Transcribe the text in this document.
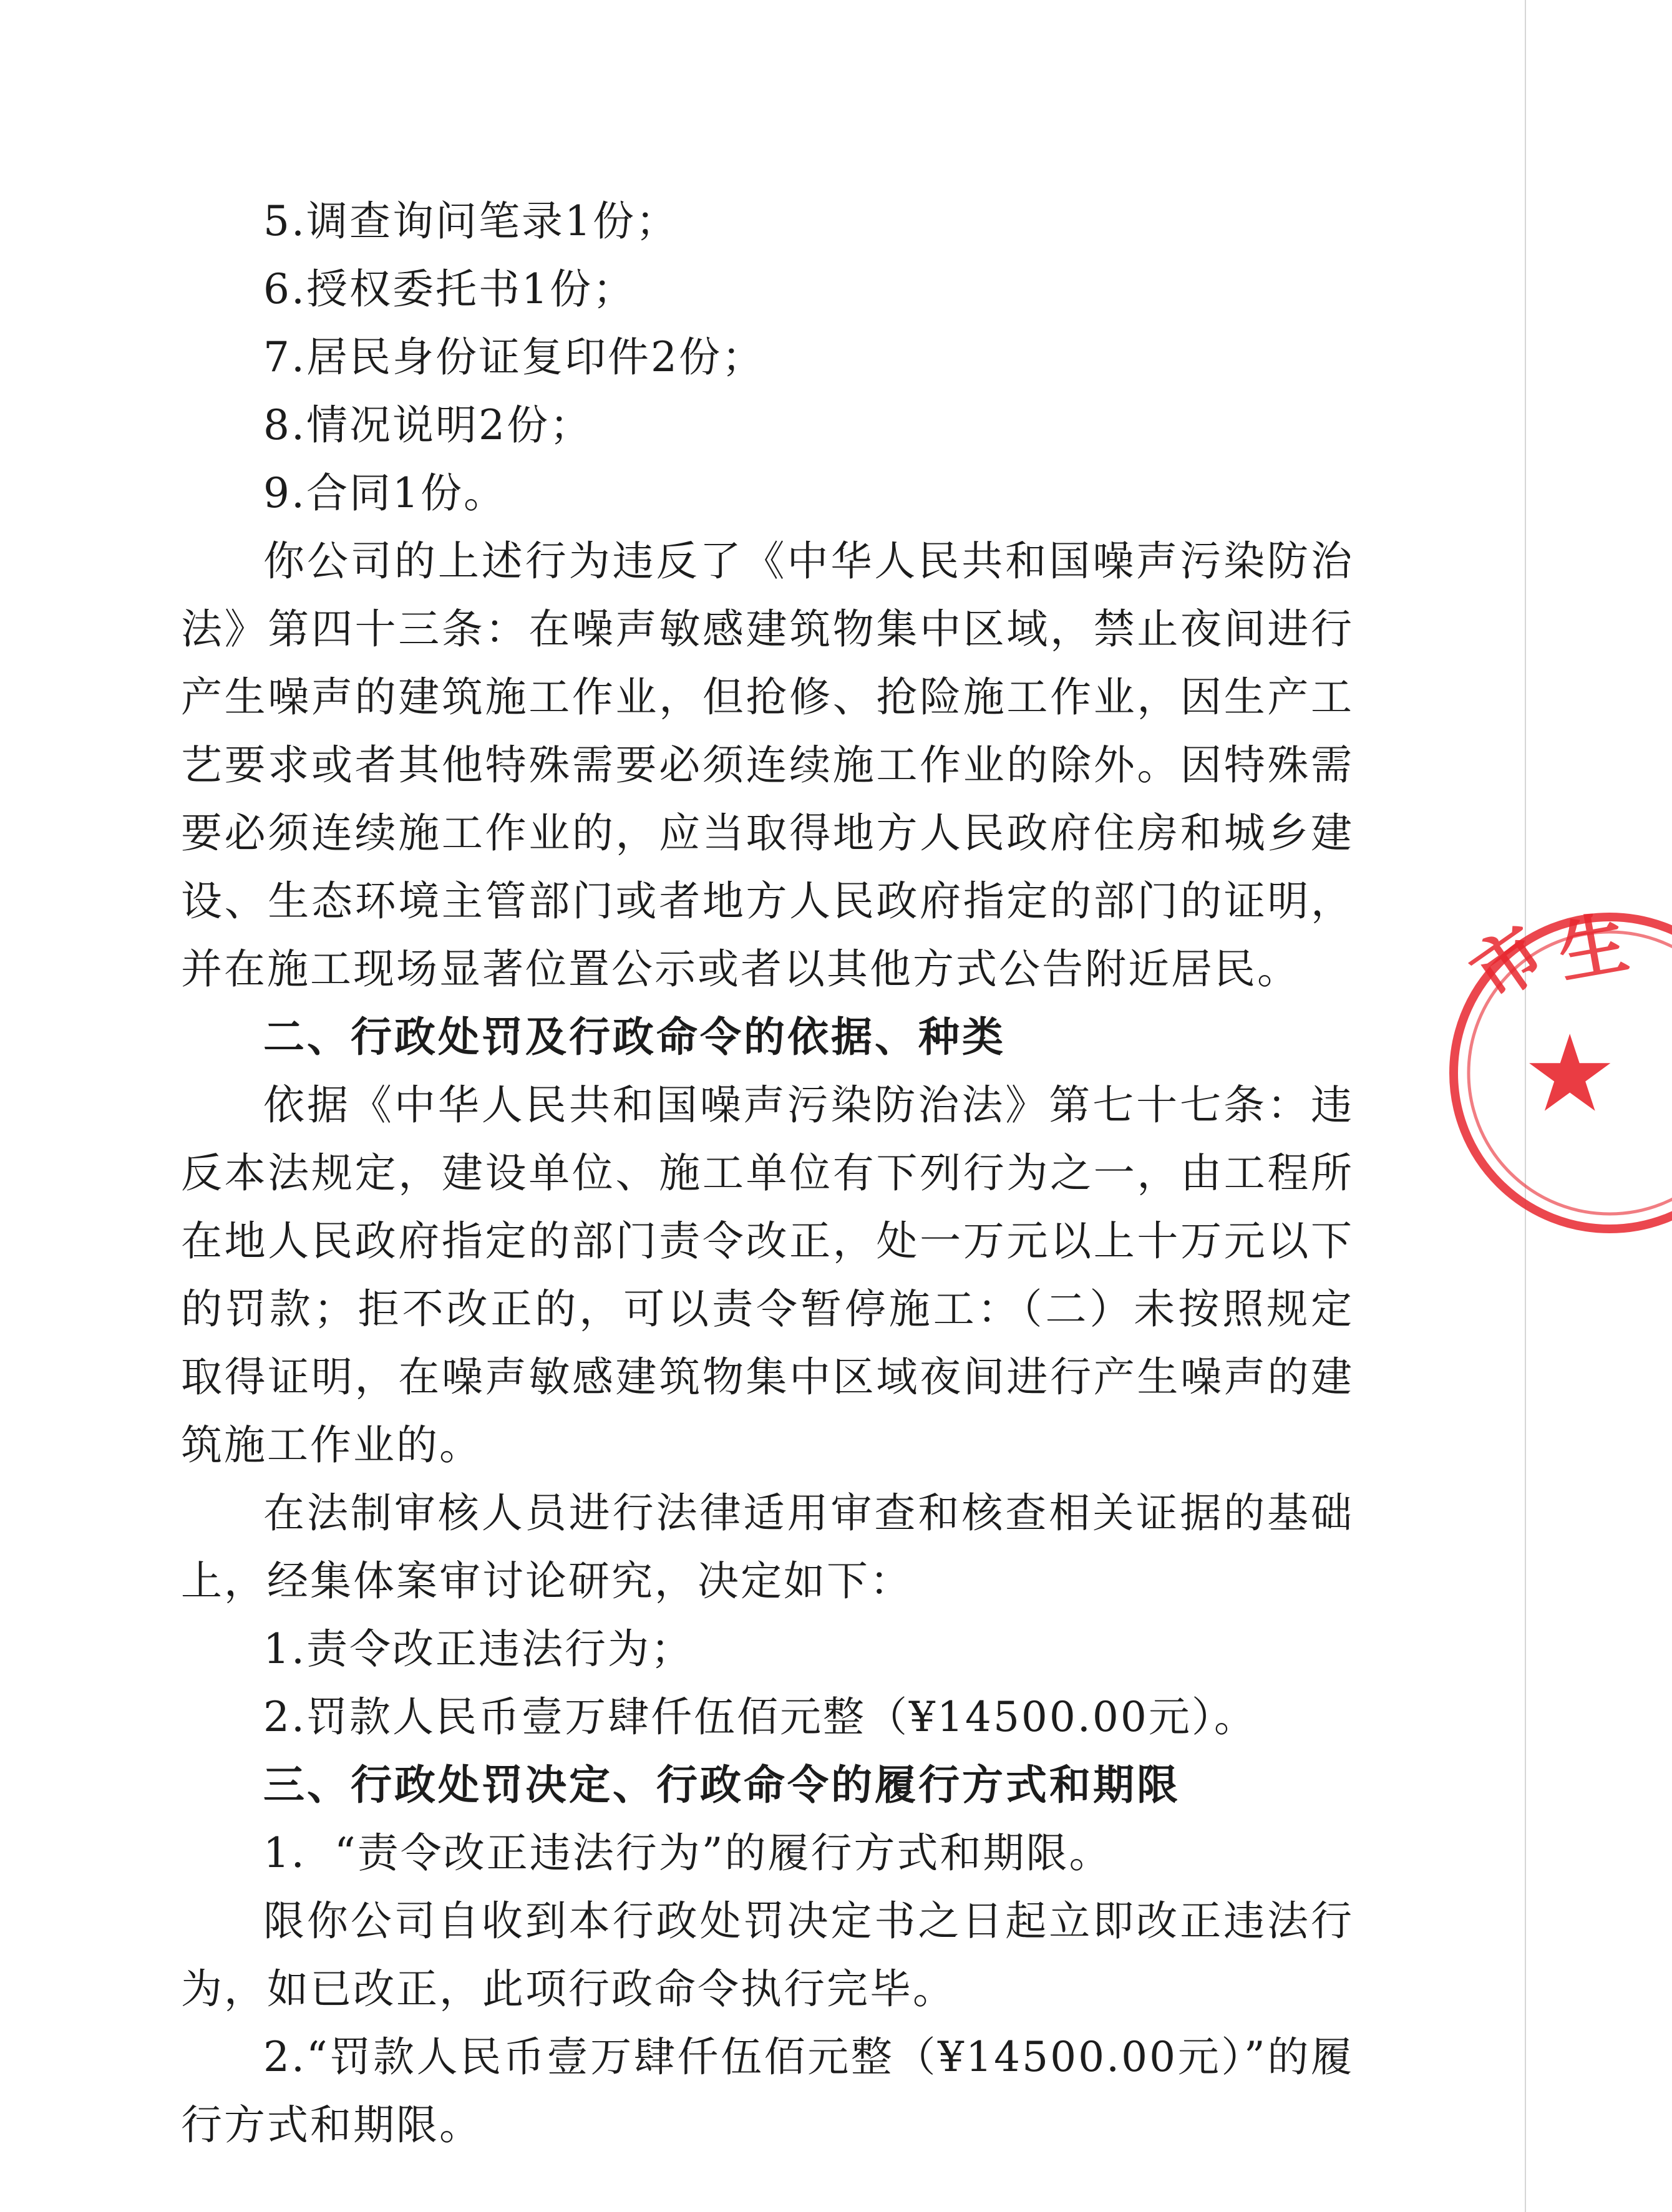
5.调查询问笔录1份；
6.授权委托书1份；
7.居民身份证复印件2份；
8.情况说明2份；
9.合同1份。

你公司的上述行为违反了《中华人民共和国噪声污染防治法》第四十三条：在噪声敏感建筑物集中区域，禁止夜间进行产生噪声的建筑施工作业，但抢修、抢险施工作业，因生产工艺要求或者其他特殊需要必须连续施工作业的除外。因特殊需要必须连续施工作业的，应当取得地方人民政府住房和城乡建设、生态环境主管部门或者地方人民政府指定的部门的证明，并在施工现场显著位置公示或者以其他方式公告附近居民。

二、行政处罚及行政命令的依据、种类

依据《中华人民共和国噪声污染防治法》第七十七条：违反本法规定，建设单位、施工单位有下列行为之一，由工程所在地人民政府指定的部门责令改正，处一万元以上十万元以下的罚款；拒不改正的，可以责令暂停施工：（二）未按照规定取得证明，在噪声敏感建筑物集中区域夜间进行产生噪声的建筑施工作业的。

在法制审核人员进行法律适用审查和核查相关证据的基础上，经集体案审讨论研究，决定如下：

1.责令改正违法行为；
2.罚款人民币壹万肆仟伍佰元整（¥14500.00元）。
三、行政处罚决定、行政命令的履行方式和期限
1．“责令改正违法行为”的履行方式和期限。

限你公司自收到本行政处罚决定书之日起立即改正违法行为，如已改正，此项行政命令执行完毕。

2.“罚款人民币壹万肆仟伍佰元整（¥14500.00元）”的履行方式和期限。

市
生
★
